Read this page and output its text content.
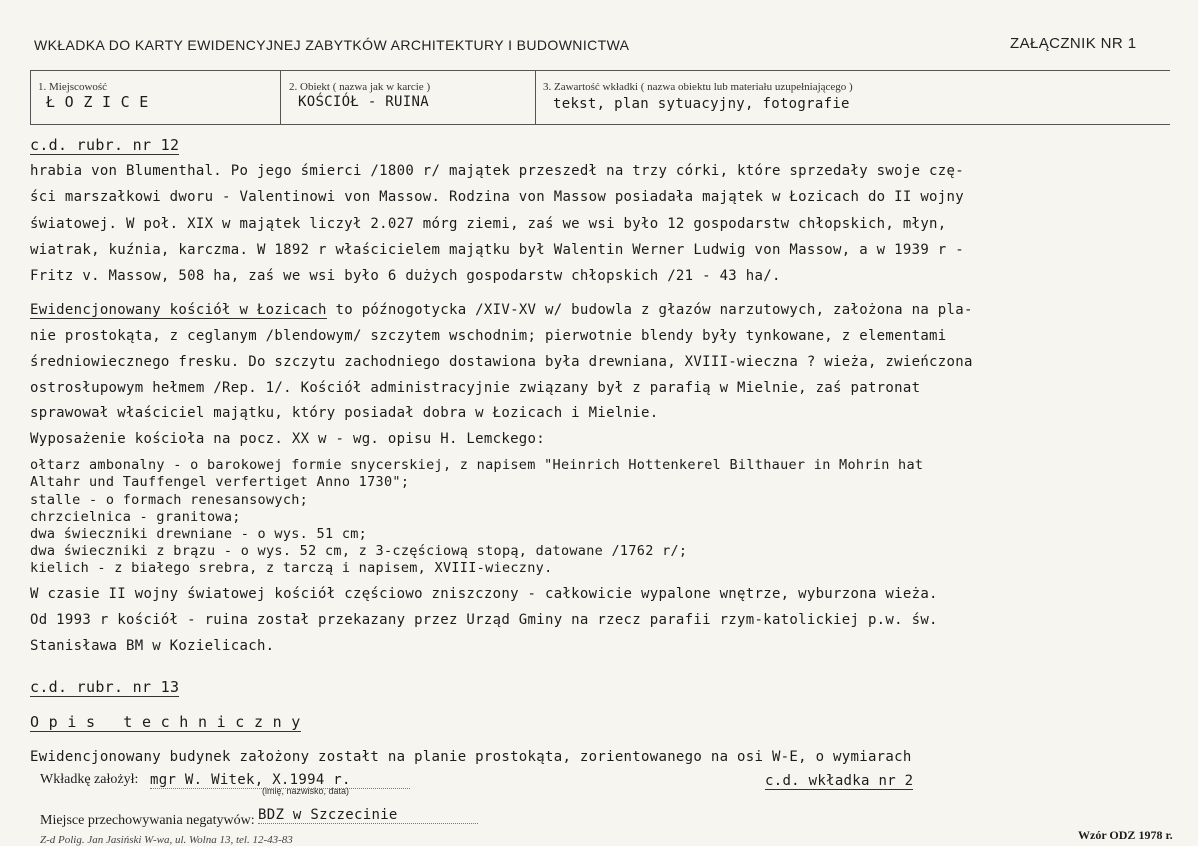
WKŁADKA DO KARTY EWIDENCYJNEJ ZABYTKÓW ARCHITEKTURY I BUDOWNICTWA	ZAŁĄCZNIK NR 1
1. Miejscowość
Ł O Z I C E
2. Obiekt ( nazwa jak w karcie )
KOŚCIÓŁ - RUINA
3. Zawartość wkładki ( nazwa obiektu lub materiału uzupełniającego )
tekst, plan sytuacyjny, fotografie
c.d. rubr. nr 12
hrabia von Blumenthal. Po jego śmierci /1800 r/ majątek przeszedł na trzy córki, które sprzedały swoje czę-
ści marszałkowi dworu - Valentinowi von Massow. Rodzina von Massow posiadała majątek w Łozicach do II wojny
światowej. W poł. XIX w majątek liczył 2.027 mórg ziemi, zaś we wsi było 12 gospodarstw chłopskich, młyn,
wiatrak, kuźnia, karczma. W 1892 r właścicielem majątku był Walentin Werner Ludwig von Massow, a w 1939 r -
Fritz v. Massow, 508 ha, zaś we wsi było 6 dużych gospodarstw chłopskich /21 - 43 ha/.
Ewidencjonowany kościół w Łozicach to późnogotycka /XIV-XV w/ budowla z głazów narzutowych, założona na pla-
nie prostokąta, z ceglanym /blendowym/ szczytem wschodnim; pierwotnie blendy były tynkowane, z elementami
średniowiecznego fresku. Do szczytu zachodniego dostawiona była drewniana, XVIII-wieczna ? wieża, zwieńczona
ostrosłupowym hełmem /Rep. 1/. Kościół administracyjnie związany był z parafią w Mielnie, zaś patronat
sprawował właściciel majątku, który posiadał dobra w Łozicach i Mielnie.
Wyposażenie kościoła na pocz. XX w - wg. opisu H. Lemckego:
ołtarz ambonalny - o barokowej formie snycerskiej, z napisem "Heinrich Hottenkerel Bilthauer in Mohrin hat
Altahr und Tauffengel verfertiget Anno 1730";
stalle - o formach renesansowych;
chrzcielnica - granitowa;
dwa świeczniki drewniane - o wys. 51 cm;
dwa świeczniki z brązu - o wys. 52 cm, z 3-częściową stopą, datowane /1762 r/;
kielich - z białego srebra, z tarczą i napisem, XVIII-wieczny.
W czasie II wojny światowej kościół częściowo zniszczony - całkowicie wypalone wnętrze, wyburzona wieża.
Od 1993 r kościół - ruina został przekazany przez Urząd Gminy na rzecz parafii rzym-katolickiej p.w. św.
Stanisława BM w Kozielicach.
c.d. rubr. nr 13
O p i s   t e c h n i c z n y
Ewidencjonowany budynek założony zostałt na planie prostokąta, zorientowanego na osi W-E, o wymiarach
Wkładkę założył: mgr W. Witek, X.1994 r.
(imię, nazwisko, data)
c.d. wkładka nr 2
Miejsce przechowywania negatywów: BDZ w Szczecinie
Z-d Polig. Jan Jasiński W-wa, ul. Wolna 13, tel. 12-43-83	Wzór ODZ 1978 r.
